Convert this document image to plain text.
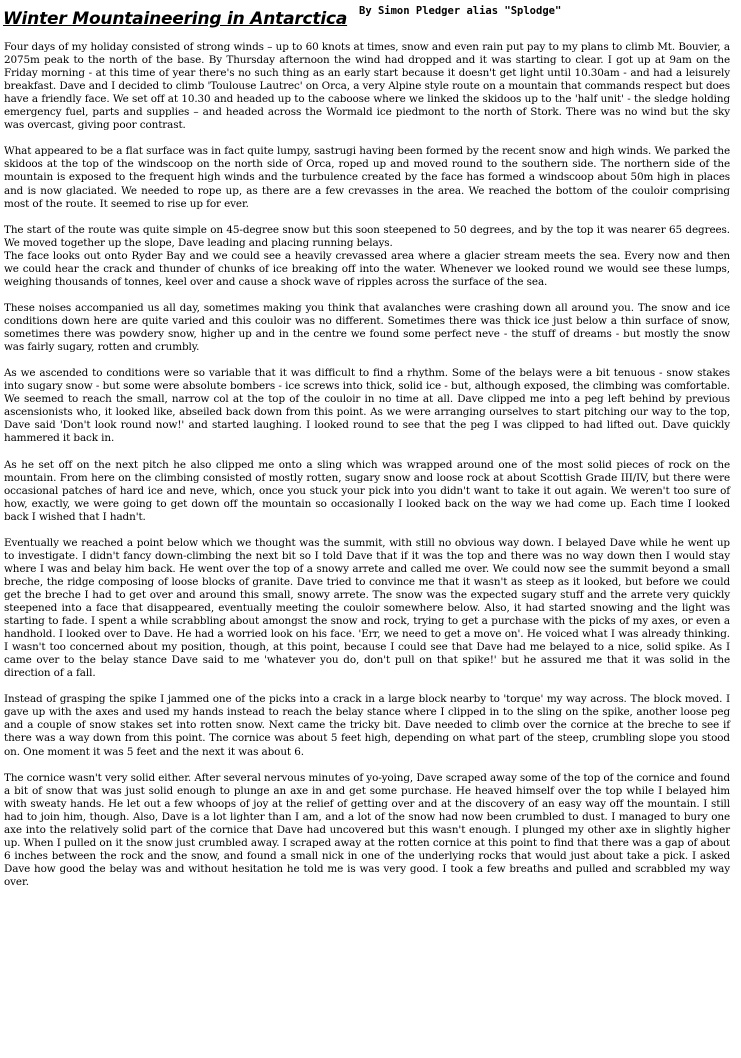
Winter Mountaineering in Antarctica By Simon Pledger alias "Splodge"

Four days of my holiday consisted of strong winds – up to 60 knots at times, snow and even rain put pay to my plans to climb Mt. Bouvier, a 2075m peak to the north of the base. By Thursday afternoon the wind had dropped and it was starting to clear. I got up at 9am on the Friday morning - at this time of year there's no such thing as an early start because it doesn't get light until 10.30am - and had a leisurely breakfast. Dave and I decided to climb 'Toulouse Lautrec' on Orca, a very Alpine style route on a mountain that commands respect but does have a friendly face. We set off at 10.30 and headed up to the caboose where we linked the skidoos up to the 'half unit' - the sledge holding emergency fuel, parts and supplies – and headed across the Wormald ice piedmont to the north of Stork. There was no wind but the sky was overcast, giving poor contrast.

What appeared to be a flat surface was in fact quite lumpy, sastrugi having been formed by the recent snow and high winds. We parked the skidoos at the top of the windscoop on the north side of Orca, roped up and moved round to the southern side. The northern side of the mountain is exposed to the frequent high winds and the turbulence created by the face has formed a windscoop about 50m high in places and is now glaciated. We needed to rope up, as there are a few crevasses in the area. We reached the bottom of the couloir comprising most of the route. It seemed to rise up for ever.

The start of the route was quite simple on 45-degree snow but this soon steepened to 50 degrees, and by the top it was nearer 65 degrees. We moved together up the slope, Dave leading and placing running belays.
The face looks out onto Ryder Bay and we could see a heavily crevassed area where a glacier stream meets the sea. Every now and then we could hear the crack and thunder of chunks of ice breaking off into the water. Whenever we looked round we would see these lumps, weighing thousands of tonnes, keel over and cause a shock wave of ripples across the surface of the sea.

These noises accompanied us all day, sometimes making you think that avalanches were crashing down all around you. The snow and ice conditions down here are quite varied and this couloir was no different. Sometimes there was thick ice just below a thin surface of snow, sometimes there was powdery snow, higher up and in the centre we found some perfect neve - the stuff of dreams - but mostly the snow was fairly sugary, rotten and crumbly.

As we ascended to conditions were so variable that it was difficult to find a rhythm. Some of the belays were a bit tenuous - snow stakes into sugary snow - but some were absolute bombers - ice screws into thick, solid ice - but, although exposed, the climbing was comfortable. We seemed to reach the small, narrow col at the top of the couloir in no time at all. Dave clipped me into a peg left behind by previous ascensionists who, it looked like, abseiled back down from this point. As we were arranging ourselves to start pitching our way to the top, Dave said 'Don't look round now!' and started laughing. I looked round to see that the peg I was clipped to had lifted out. Dave quickly hammered it back in.

As he set off on the next pitch he also clipped me onto a sling which was wrapped around one of the most solid pieces of rock on the mountain. From here on the climbing consisted of mostly rotten, sugary snow and loose rock at about Scottish Grade III/IV, but there were occasional patches of hard ice and neve, which, once you stuck your pick into you didn't want to take it out again. We weren't too sure of how, exactly, we were going to get down off the mountain so occasionally I looked back on the way we had come up. Each time I looked back I wished that I hadn't.

Eventually we reached a point below which we thought was the summit, with still no obvious way down. I belayed Dave while he went up to investigate. I didn't fancy down-climbing the next bit so I told Dave that if it was the top and there was no way down then I would stay where I was and belay him back. He went over the top of a snowy arrete and called me over. We could now see the summit beyond a small breche, the ridge composing of loose blocks of granite. Dave tried to convince me that it wasn't as steep as it looked, but before we could get the breche I had to get over and around this small, snowy arrete. The snow was the expected sugary stuff and the arrete very quickly steepened into a face that disappeared, eventually meeting the couloir somewhere below. Also, it had started snowing and the light was starting to fade. I spent a while scrabbling about amongst the snow and rock, trying to get a purchase with the picks of my axes, or even a handhold. I looked over to Dave. He had a worried look on his face. 'Err, we need to get a move on'. He voiced what I was already thinking. I wasn't too concerned about my position, though, at this point, because I could see that Dave had me belayed to a nice, solid spike. As I came over to the belay stance Dave said to me 'whatever you do, don't pull on that spike!' but he assured me that it was solid in the direction of a fall.

Instead of grasping the spike I jammed one of the picks into a crack in a large block nearby to 'torque' my way across. The block moved. I gave up with the axes and used my hands instead to reach the belay stance where I clipped in to the sling on the spike, another loose peg and a couple of snow stakes set into rotten snow. Next came the tricky bit. Dave needed to climb over the cornice at the breche to see if there was a way down from this point. The cornice was about 5 feet high, depending on what part of the steep, crumbling slope you stood on. One moment it was 5 feet and the next it was about 6.

The cornice wasn't very solid either. After several nervous minutes of yo-yoing, Dave scraped away some of the top of the cornice and found a bit of snow that was just solid enough to plunge an axe in and get some purchase. He heaved himself over the top while I belayed him with sweaty hands. He let out a few whoops of joy at the relief of getting over and at the discovery of an easy way off the mountain. I still had to join him, though. Also, Dave is a lot lighter than I am, and a lot of the snow had now been crumbled to dust. I managed to bury one axe into the relatively solid part of the cornice that Dave had uncovered but this wasn't enough. I plunged my other axe in slightly higher up. When I pulled on it the snow just crumbled away. I scraped away at the rotten cornice at this point to find that there was a gap of about 6 inches between the rock and the snow, and found a small nick in one of the underlying rocks that would just about take a pick. I asked Dave how good the belay was and without hesitation he told me is was very good. I took a few breaths and pulled and scrabbled my way over.
